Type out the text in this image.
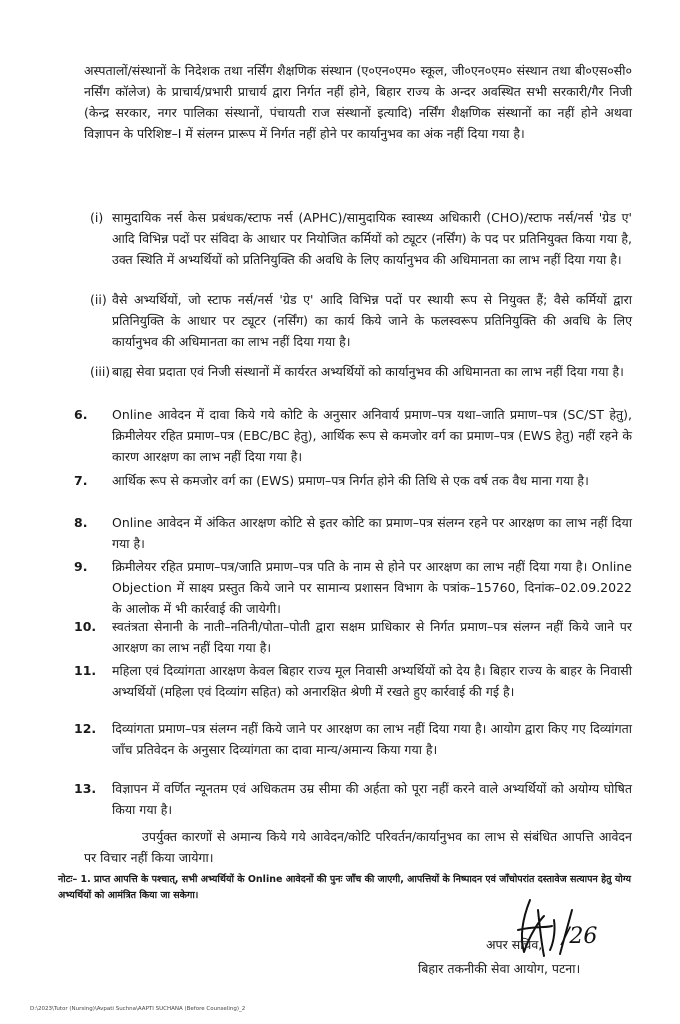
अस्पतालों/संस्थानों के निदेशक तथा नर्सिंग शैक्षणिक संस्थान (ए०एन०एम० स्कूल, जी०एन०एम० संस्थान तथा बी०एस०सी० नर्सिंग कॉलेज) के प्राचार्य/प्रभारी प्राचार्य द्वारा निर्गत नहीं होने, बिहार राज्य के अन्दर अवस्थित सभी सरकारी/गैर निजी (केन्द्र सरकार, नगर पालिका संस्थानों, पंचायती राज संस्थानों इत्यादि) नर्सिंग शैक्षणिक संस्थानों का नहीं होने अथवा विज्ञापन के परिशिष्ट–I में संलग्न प्रारूप में निर्गत नहीं होने पर कार्यानुभव का अंक नहीं दिया गया है।
(i) सामुदायिक नर्स केस प्रबंधक/स्टाफ नर्स (APHC)/सामुदायिक स्वास्थ्य अधिकारी (CHO)/स्टाफ नर्स/नर्स 'ग्रेड ए' आदि विभिन्न पदों पर संविदा के आधार पर नियोजित कर्मियों को ट्यूटर (नर्सिंग) के पद पर प्रतिनियुक्त किया गया है, उक्त स्थिति में अभ्यर्थियों को प्रतिनियुक्ति की अवधि के लिए कार्यानुभव की अधिमानता का लाभ नहीं दिया गया है।
(ii) वैसे अभ्यर्थियों, जो स्टाफ नर्स/नर्स 'ग्रेड ए' आदि विभिन्न पदों पर स्थायी रूप से नियुक्त हैं; वैसे कर्मियों द्वारा प्रतिनियुक्ति के आधार पर ट्यूटर (नर्सिंग) का कार्य किये जाने के फलस्वरूप प्रतिनियुक्ति की अवधि के लिए कार्यानुभव की अधिमानता का लाभ नहीं दिया गया है।
(iii) बाह्य सेवा प्रदाता एवं निजी संस्थानों में कार्यरत अभ्यर्थियों को कार्यानुभव की अधिमानता का लाभ नहीं दिया गया है।
6. Online आवेदन में दावा किये गये कोटि के अनुसार अनिवार्य प्रमाण–पत्र यथा–जाति प्रमाण–पत्र (SC/ST हेतु), क्रिमीलेयर रहित प्रमाण–पत्र (EBC/BC हेतु), आर्थिक रूप से कमजोर वर्ग का प्रमाण–पत्र (EWS हेतु) नहीं रहने के कारण आरक्षण का लाभ नहीं दिया गया है।
7. आर्थिक रूप से कमजोर वर्ग का (EWS) प्रमाण–पत्र निर्गत होने की तिथि से एक वर्ष तक वैध माना गया है।
8. Online आवेदन में अंकित आरक्षण कोटि से इतर कोटि का प्रमाण–पत्र संलग्न रहने पर आरक्षण का लाभ नहीं दिया गया है।
9. क्रिमीलेयर रहित प्रमाण–पत्र/जाति प्रमाण–पत्र पति के नाम से होने पर आरक्षण का लाभ नहीं दिया गया है। Online Objection में साक्ष्य प्रस्तुत किये जाने पर सामान्य प्रशासन विभाग के पत्रांक–15760, दिनांक–02.09.2022 के आलोक में भी कार्रवाई की जायेगी।
10. स्वतंत्रता सेनानी के नाती–नतिनी/पोता–पोती द्वारा सक्षम प्राधिकार से निर्गत प्रमाण–पत्र संलग्न नहीं किये जाने पर आरक्षण का लाभ नहीं दिया गया है।
11. महिला एवं दिव्यांगता आरक्षण केवल बिहार राज्य मूल निवासी अभ्यर्थियों को देय है। बिहार राज्य के बाहर के निवासी अभ्यर्थियों (महिला एवं दिव्यांग सहित) को अनारक्षित श्रेणी में रखते हुए कार्रवाई की गई है।
12. दिव्यांगता प्रमाण–पत्र संलग्न नहीं किये जाने पर आरक्षण का लाभ नहीं दिया गया है। आयोग द्वारा किए गए दिव्यांगता जाँच प्रतिवेदन के अनुसार दिव्यांगता का दावा मान्य/अमान्य किया गया है।
13. विज्ञापन में वर्णित न्यूनतम एवं अधिकतम उम्र सीमा की अर्हता को पूरा नहीं करने वाले अभ्यर्थियों को अयोग्य घोषित किया गया है।
उपर्युक्त कारणों से अमान्य किये गये आवेदन/कोटि परिवर्तन/कार्यानुभव का लाभ से संबंधित आपत्ति आवेदन पर विचार नहीं किया जायेगा।
नोटः– 1. प्राप्त आपत्ति के पश्चात्, सभी अभ्यर्थियों के Online आवेदनों की पुनः जाँच की जाएगी, आपत्तियों के निष्पादन एवं जाँचोपरांत दस्तावेज सत्यापन हेतु योग्य अभ्यर्थियों को आमंत्रित किया जा सकेगा।
/26
अपर सचिव,
बिहार तकनीकी सेवा आयोग, पटना।
D:\2023\Tutor (Nursing)\Avpati Suchna\AAPTI SUCHANA (Before Counseling)_2
